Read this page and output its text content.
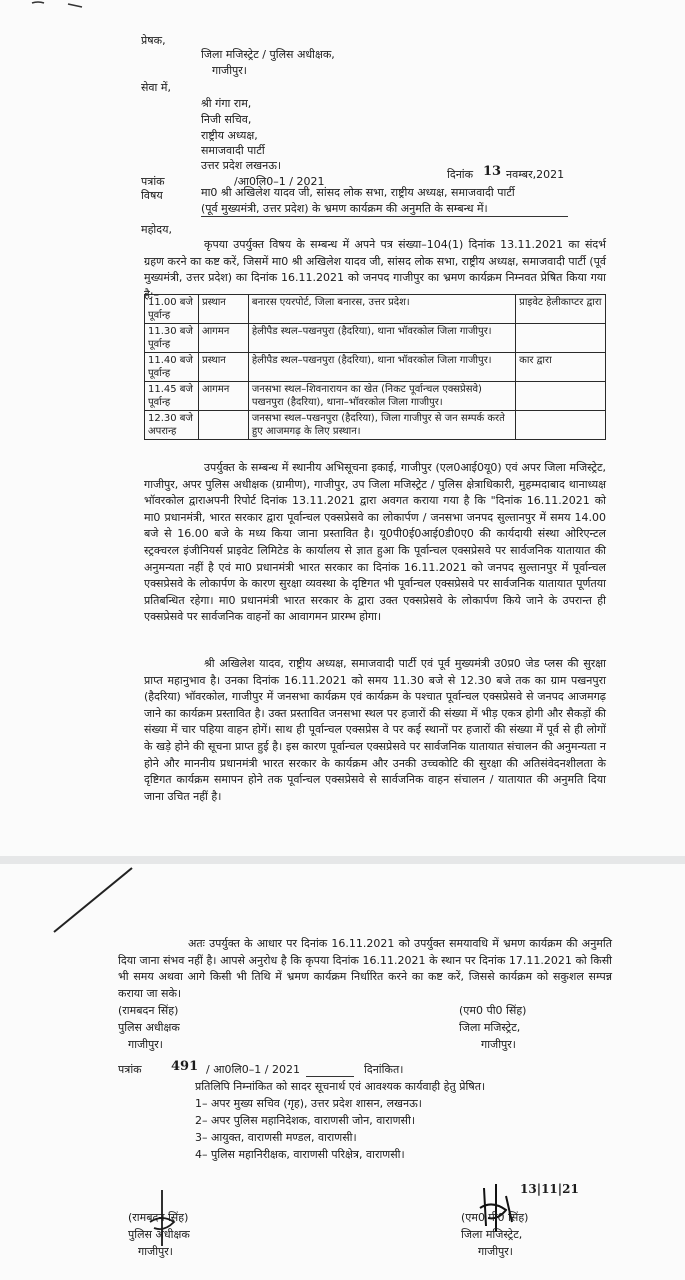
प्रेषक,
जिला मजिस्ट्रेट / पुलिस अधीक्षक,
गाजीपुर।
सेवा में,
श्री गंगा राम,
निजी सचिव,
राष्ट्रीय अध्यक्ष,
समाजवादी पार्टी
उत्तर प्रदेश लखनऊ।
पत्रांक	/आ0लि0–1 / 2021
दिनांक 13 नवम्बर,2021
विषय	मा0 श्री अखिलेश यादव जी, सांसद लोक सभा, राष्ट्रीय अध्यक्ष, समाजवादी पार्टी
(पूर्व मुख्यमंत्री, उत्तर प्रदेश) के भ्रमण कार्यक्रम की अनुमति के सम्बन्ध में।
महोदय,
कृपया उपर्युक्त विषय के सम्बन्ध में अपने पत्र संख्या–104(1) दिनांक 13.11.2021 का संदर्भ ग्रहण करने का कष्ट करें, जिसमें मा0 श्री अखिलेश यादव जी, सांसद लोक सभा, राष्ट्रीय अध्यक्ष, समाजवादी पार्टी (पूर्व मुख्यमंत्री, उत्तर प्रदेश) का दिनांक 16.11.2021 को जनपद गाजीपुर का भ्रमण कार्यक्रम निम्नवत प्रेषित किया गया है:–
11.00 बजे पूर्वान्ह	प्रस्थान	बनारस एयरपोर्ट, जिला बनारस, उत्तर प्रदेश।	प्राइवेट हेलीकाप्टर द्वारा
11.30 बजे पूर्वान्ह	आगमन	हेलीपैड स्थल–पखनपुरा (हैदरिया), थाना भॉवरकोल जिला गाजीपुर।	
11.40 बजे पूर्वान्ह	प्रस्थान	हेलीपैड स्थल–पखनपुरा (हैदरिया), थाना भॉवरकोल जिला गाजीपुर।	कार द्वारा
11.45 बजे पूर्वान्ह	आगमन	जनसभा स्थल–शिवनारायन का खेत (निकट पूर्वान्चल एक्सप्रेसवे) पखनपुरा (हैदरिया), थाना–भॉवरकोल जिला गाजीपुर।	
12.30 बजे अपरान्ह		जनसभा स्थल–पखनपुरा (हैदरिया), जिला गाजीपुर से जन सम्पर्क करते हुए आजमगढ़ के लिए प्रस्थान।	
उपर्युक्त के सम्बन्ध में स्थानीय अभिसूचना इकाई, गाजीपुर (एल0आई0यू0) एवं अपर जिला मजिस्ट्रेट, गाजीपुर, अपर पुलिस अधीक्षक (ग्रामीण), गाजीपुर, उप जिला मजिस्ट्रेट / पुलिस क्षेत्राधिकारी, मुहम्मदाबाद थानाध्यक्ष भॉवरकोल द्वाराअपनी रिपोर्ट दिनांक 13.11.2021 द्वारा अवगत कराया गया है कि "दिनांक 16.11.2021 को मा0 प्रधानमंत्री, भारत सरकार द्वारा पूर्वान्चल एक्सप्रेसवे का लोकार्पण / जनसभा जनपद सुल्तानपुर में समय 14.00 बजे से 16.00 बजे के मध्य किया जाना प्रस्तावित है। यू0पी0ई0आई0डी0ए0 की कार्यदायी संस्था ओरिएन्टल स्ट्रक्चरल इंजीनियर्स प्राइवेट लिमिटेड के कार्यालय से ज्ञात हुआ कि पूर्वान्चल एक्सप्रेसवे पर सार्वजनिक यातायात की अनुमन्यता नहीं है एवं मा0 प्रधानमंत्री भारत सरकार का दिनांक 16.11.2021 को जनपद सुल्तानपुर में पूर्वान्चल एक्सप्रेसवे के लोकार्पण के कारण सुरक्षा व्यवस्था के दृष्टिगत भी पूर्वान्चल एक्सप्रेसवे पर सार्वजनिक यातायात पूर्णतया प्रतिबन्धित रहेगा। मा0 प्रधानमंत्री भारत सरकार के द्वारा उक्त एक्सप्रेसवे के लोकार्पण किये जाने के उपरान्त ही एक्सप्रेसवे पर सार्वजनिक वाहनों का आवागमन प्रारम्भ होगा।
श्री अखिलेश यादव, राष्ट्रीय अध्यक्ष, समाजवादी पार्टी एवं पूर्व मुख्यमंत्री उ0प्र0 जेड प्लस की सुरक्षा प्राप्त महानुभाव है। उनका दिनांक 16.11.2021 को समय 11.30 बजे से 12.30 बजे तक का ग्राम पखनपुरा (हैदरिया) भॉवरकोल, गाजीपुर में जनसभा कार्यक्रम एवं कार्यक्रम के पश्चात पूर्वान्चल एक्सप्रेसवे से जनपद आजमगढ़ जाने का कार्यक्रम प्रस्तावित है। उक्त प्रस्तावित जनसभा स्थल पर हजारों की संख्या में भीड़ एकत्र होगी और सैकड़ों की संख्या में चार पहिया वाहन होगें। साथ ही पूर्वान्चल एक्सप्रेस वे पर कई स्थानों पर हजारों की संख्या में पूर्व से ही लोगों के खड़े होने की सूचना प्राप्त हुई है। इस कारण पूर्वान्चल एक्सप्रेसवे पर सार्वजनिक यातायात संचालन की अनुमन्यता न होने और माननीय प्रधानमंत्री भारत सरकार के कार्यक्रम और उनकी उच्चकोटि की सुरक्षा की अतिसंवेदनशीलता के दृष्टिगत कार्यक्रम समापन होने तक पूर्वान्चल एक्सप्रेसवे से सार्वजनिक वाहन संचालन / यातायात की अनुमति दिया जाना उचित नहीं है।
अतः उपर्युक्त के आधार पर दिनांक 16.11.2021 को उपर्युक्त समयावधि में भ्रमण कार्यक्रम की अनुमति दिया जाना संभव नहीं है। आपसे अनुरोध है कि कृपया दिनांक 16.11.2021 के स्थान पर दिनांक 17.11.2021 को किसी भी समय अथवा आगे किसी भी तिथि में भ्रमण कार्यक्रम निर्धारित करने का कष्ट करें, जिससे कार्यक्रम को सकुशल सम्पन्न कराया जा सके।
(रामबदन सिंह)
पुलिस अधीक्षक
गाजीपुर।
(एम0 पी0 सिंह)
जिला मजिस्ट्रेट,
गाजीपुर।
पत्रांक 491 / आ0लि0–1 / 2021	दिनांकित।
प्रतिलिपि निम्नांकित को सादर सूचनार्थ एवं आवश्यक कार्यवाही हेतु प्रेषित।
1– अपर मुख्य सचिव (गृह), उत्तर प्रदेश शासन, लखनऊ।
2– अपर पुलिस महानिदेशक, वाराणसी जोन, वाराणसी।
3– आयुक्त, वाराणसी मण्डल, वाराणसी।
4– पुलिस महानिरीक्षक, वाराणसी परिक्षेत्र, वाराणसी।
(रामबदन सिंह)
पुलिस अधीक्षक
गाजीपुर।
13|11|21
(एम0 पी0 सिंह)
जिला मजिस्ट्रेट,
गाजीपुर।
